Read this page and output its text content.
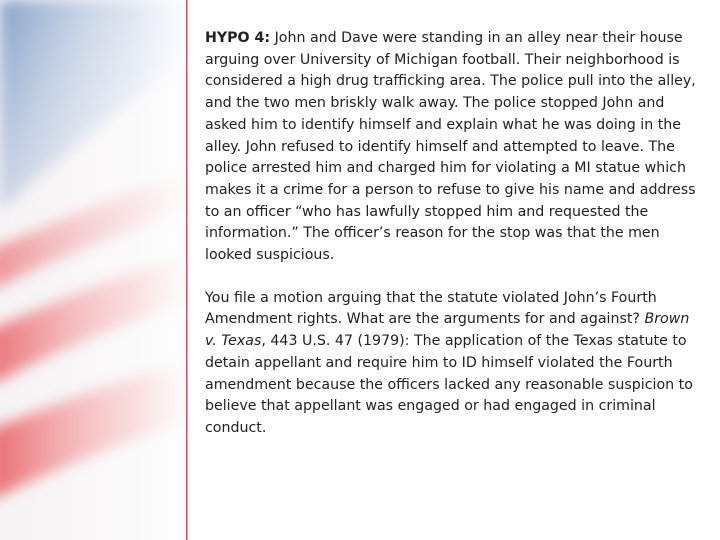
HYPO 4: John and Dave were standing in an alley near their house arguing over University of Michigan football. Their neighborhood is considered a high drug trafficking area. The police pull into the alley, and the two men briskly walk away. The police stopped John and asked him to identify himself and explain what he was doing in the alley. John refused to identify himself and attempted to leave. The police arrested him and charged him for violating a MI statue which makes it a crime for a person to refuse to give his name and address to an officer “who has lawfully stopped him and requested the information.” The officer’s reason for the stop was that the men looked suspicious.

You file a motion arguing that the statute violated John’s Fourth Amendment rights. What are the arguments for and against? Brown v. Texas, 443 U.S. 47 (1979): The application of the Texas statute to detain appellant and require him to ID himself violated the Fourth amendment because the officers lacked any reasonable suspicion to believe that appellant was engaged or had engaged in criminal conduct.
